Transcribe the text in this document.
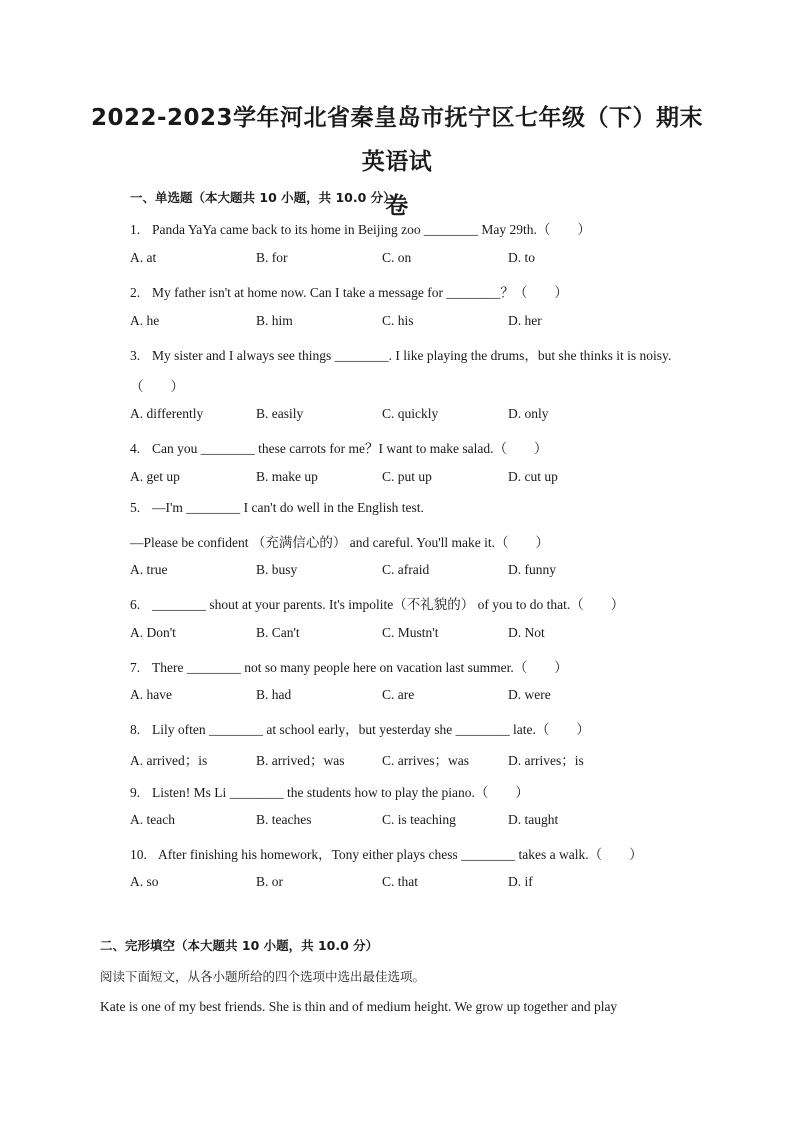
2022-2023学年河北省秦皇岛市抚宁区七年级（下）期末英语试
卷
一、单选题（本大题共 10 小题，共 10.0 分）
1. Panda YaYa came back to its home in Beijing zoo ________ May 29th.（　　）
A. at	B. for	C. on	D. to
2. My father isn't at home now. Can I take a message for ________？（　　）
A. he	B. him	C. his	D. her
3. My sister and I always see things ________. I like playing the drums，but she thinks it is noisy.
（　　）
A. differently	B. easily	C. quickly	D. only
4. Can you ________ these carrots for me？I want to make salad.（　　）
A. get up	B. make up	C. put up	D. cut up
5. —I'm ________ I can't do well in the English test.
—Please be confident （充满信心的） and careful. You'll make it.（　　）
A. true	B. busy	C. afraid	D. funny
6. ________ shout at your parents. It's impolite（不礼貌的） of you to do that.（　　）
A. Don't	B. Can't	C. Mustn't	D. Not
7. There ________ not so many people here on vacation last summer.（　　）
A. have	B. had	C. are	D. were
8. Lily often ________ at school early，but yesterday she ________ late.（　　）
A. arrived；is	B. arrived；was	C. arrives；was	D. arrives；is
9. Listen! Ms Li ________ the students how to play the piano.（　　）
A. teach	B. teaches	C. is teaching	D. taught
10. After finishing his homework，Tony either plays chess ________ takes a walk.（　　）
A. so	B. or	C. that	D. if
二、完形填空（本大题共 10 小题，共 10.0 分）
阅读下面短文，从各小题所给的四个选项中选出最佳选项。
Kate is one of my best friends. She is thin and of medium height. We grow up together and play
